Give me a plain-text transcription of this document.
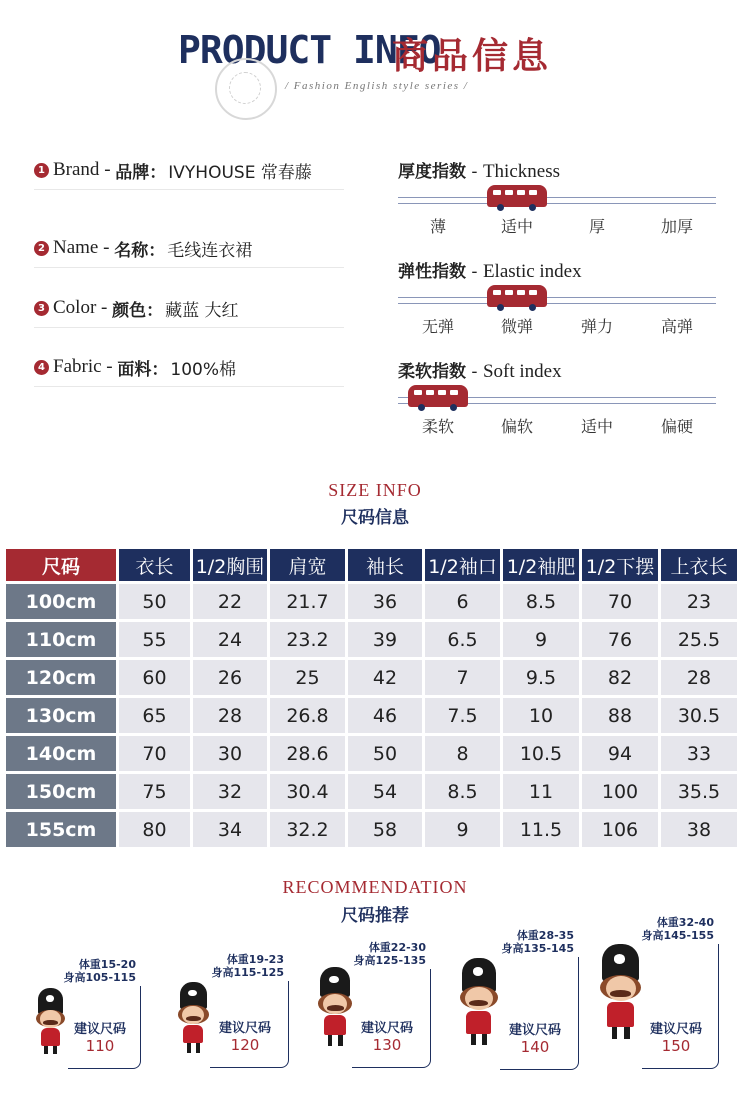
PRODUCT INFO
商品信息
/ Fashion English style series /
1 Brand - 品牌 ： IVYHOUSE 常春藤
2 Name - 名称 ： 毛线连衣裙
3 Color - 颜色 ： 藏蓝 大红
4 Fabric - 面料 ： 100%棉
厚度指数 - Thickness
薄	适中	厚	加厚
弹性指数 - Elastic index
无弹	微弹	弹力	高弹
柔软指数 - Soft index
柔软	偏软	适中	偏硬
SIZE INFO
尺码信息
尺码	衣长	1/2胸围	肩宽	袖长	1/2袖口	1/2袖肥	1/2下摆	上衣长
100cm	50	22	21.7	36	6	8.5	70	23
110cm	55	24	23.2	39	6.5	9	76	25.5
120cm	60	26	25	42	7	9.5	82	28
130cm	65	28	26.8	46	7.5	10	88	30.5
140cm	70	30	28.6	50	8	10.5	94	33
150cm	75	32	30.4	54	8.5	11	100	35.5
155cm	80	34	32.2	58	9	11.5	106	38
RECOMMENDATION
尺码推荐
体重15-20
身高105-115
建议尺码
110
体重19-23
身高115-125
建议尺码
120
体重22-30
身高125-135
建议尺码
130
体重28-35
身高135-145
建议尺码
140
体重32-40
身高145-155
建议尺码
150
